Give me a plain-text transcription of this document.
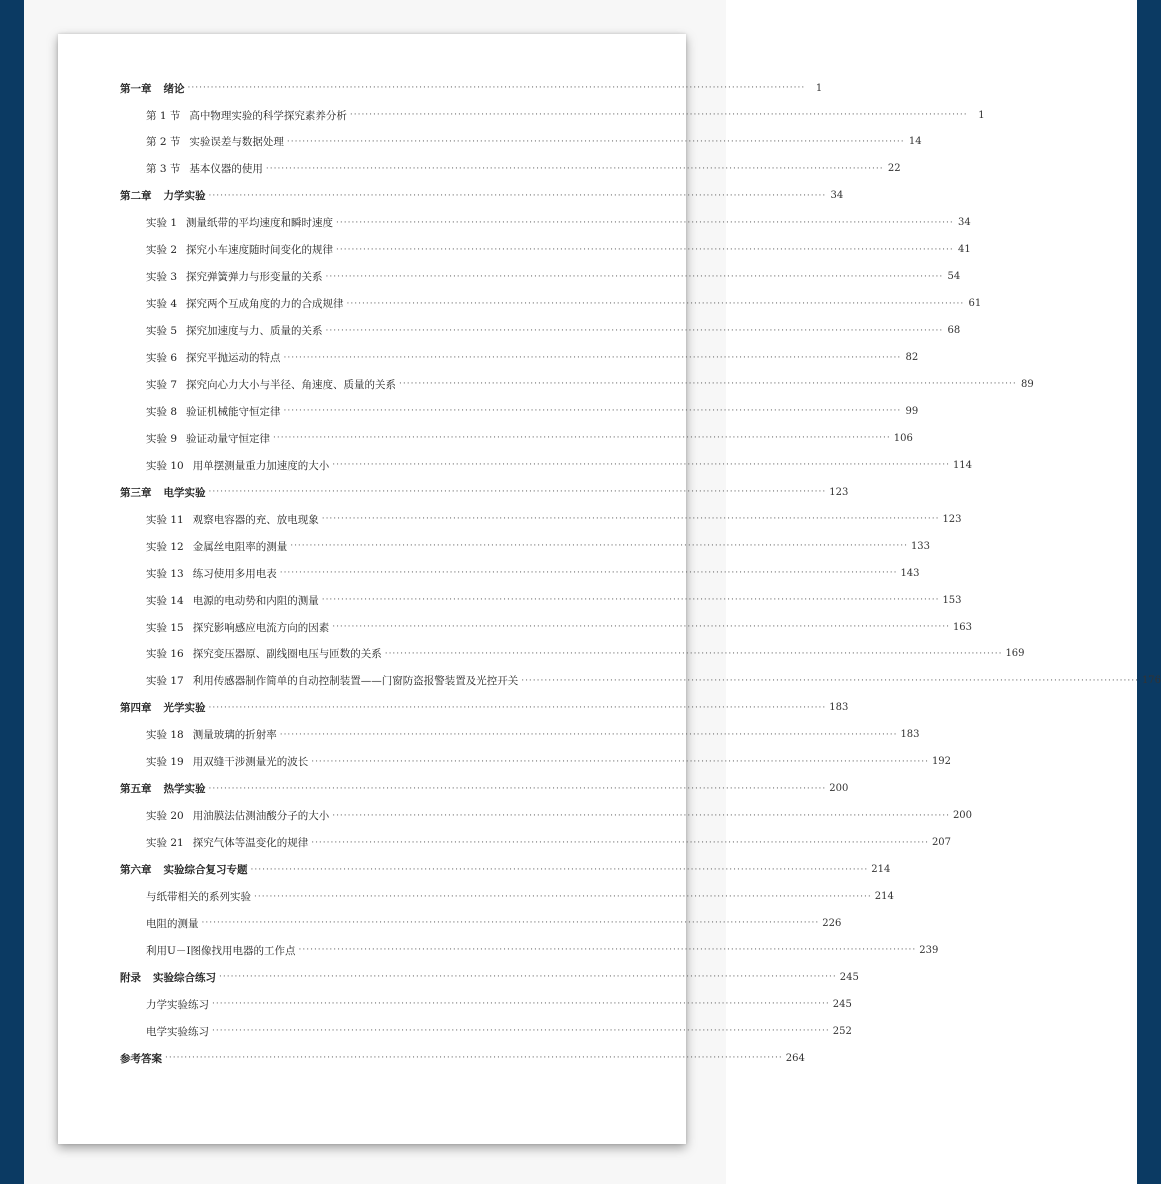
第一章 绪论 ································································································································································	1
第 1 节 高中物理实验的科学探究素养分析 ································································································································································	1
第 2 节 实验误差与数据处理 ································································································································································ 14
第 3 节 基本仪器的使用 ································································································································································ 22
第二章 力学实验 ································································································································································ 34
实验 1 测量纸带的平均速度和瞬时速度 ································································································································································ 34
实验 2 探究小车速度随时间变化的规律 ································································································································································ 41
实验 3 探究弹簧弹力与形变量的关系 ································································································································································ 54
实验 4 探究两个互成角度的力的合成规律 ································································································································································ 61
实验 5 探究加速度与力、质量的关系 ································································································································································ 68
实验 6 探究平抛运动的特点 ································································································································································ 82
实验 7 探究向心力大小与半径、角速度、质量的关系 ································································································································································ 89
实验 8 验证机械能守恒定律 ································································································································································ 99
实验 9 验证动量守恒定律 ································································································································································ 106
实验 10 用单摆测量重力加速度的大小 ································································································································································ 114
第三章 电学实验 ································································································································································ 123
实验 11 观察电容器的充、放电现象 ································································································································································ 123
实验 12 金属丝电阻率的测量 ································································································································································ 133
实验 13 练习使用多用电表 ································································································································································ 143
实验 14 电源的电动势和内阻的测量 ································································································································································ 153
实验 15 探究影响感应电流方向的因素 ································································································································································ 163
实验 16 探究变压器原、副线圈电压与匝数的关系 ································································································································································ 169
实验 17 利用传感器制作简单的自动控制装置——门窗防盗报警装置及光控开关 ································································································································································ 176
第四章 光学实验 ································································································································································ 183
实验 18 测量玻璃的折射率 ································································································································································ 183
实验 19 用双缝干涉测量光的波长 ································································································································································ 192
第五章 热学实验 ································································································································································ 200
实验 20 用油膜法估测油酸分子的大小 ································································································································································ 200
实验 21 探究气体等温变化的规律 ································································································································································ 207
第六章 实验综合复习专题 ································································································································································ 214
与纸带相关的系列实验 ································································································································································ 214
电阻的测量 ································································································································································ 226
利用U－I图像找用电器的工作点 ································································································································································ 239
附录 实验综合练习 ································································································································································ 245
力学实验练习 ································································································································································ 245
电学实验练习 ································································································································································ 252
参考答案 ································································································································································ 264
